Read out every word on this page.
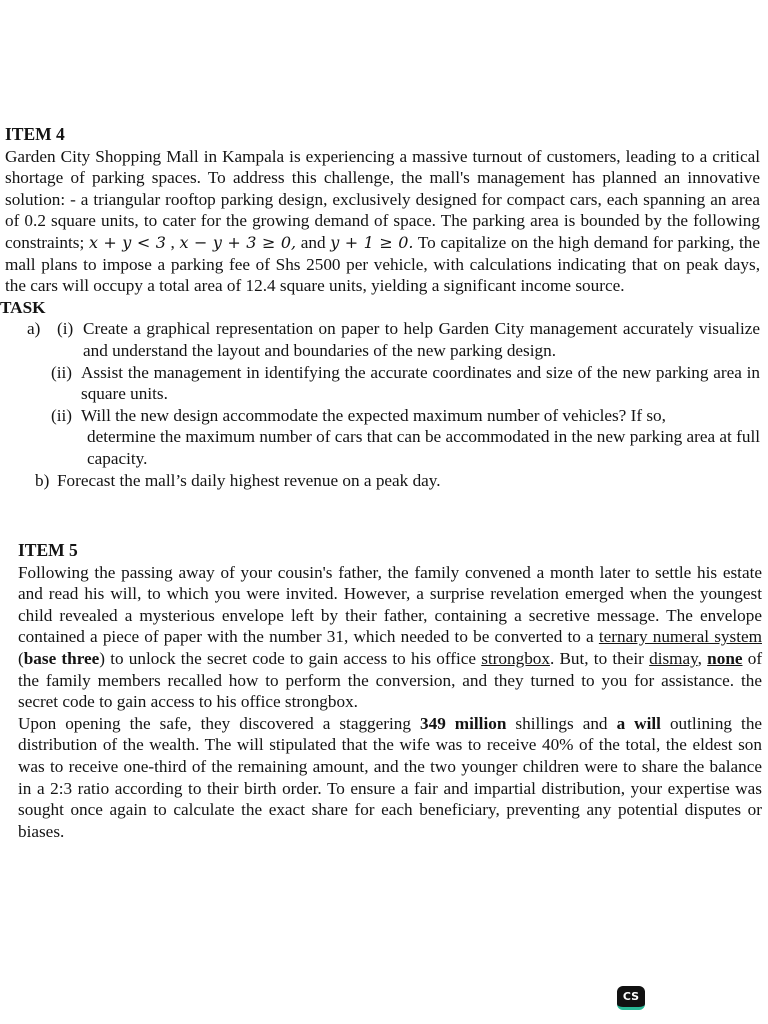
ITEM 4
Garden City Shopping Mall in Kampala is experiencing a massive turnout of customers, leading to a critical shortage of parking spaces. To address this challenge, the mall's management has planned an innovative solution: - a triangular rooftop parking design, exclusively designed for compact cars, each spanning an area of 0.2 square units, to cater for the growing demand of space. The parking area is bounded by the following constraints; x + y < 3 , x − y + 3 ≥ 0, and y + 1 ≥ 0. To capitalize on the high demand for parking, the mall plans to impose a parking fee of Shs 2500 per vehicle, with calculations indicating that on peak days, the cars will occupy a total area of 12.4 square units, yielding a significant income source.
TASK
a) (i) Create a graphical representation on paper to help Garden City management accurately visualize and understand the layout and boundaries of the new parking design.
(ii) Assist the management in identifying the accurate coordinates and size of the new parking area in square units.
(ii) Will the new design accommodate the expected maximum number of vehicles? If so,
determine the maximum number of cars that can be accommodated in the new parking area at full capacity.
b) Forecast the mall’s daily highest revenue on a peak day.
ITEM 5
Following the passing away of your cousin's father, the family convened a month later to settle his estate and read his will, to which you were invited. However, a surprise revelation emerged when the youngest child revealed a mysterious envelope left by their father, containing a secretive message. The envelope contained a piece of paper with the number 31, which needed to be converted to a ternary numeral system (base three) to unlock the secret code to gain access to his office strongbox. But, to their dismay, none of the family members recalled how to perform the conversion, and they turned to you for assistance. the secret code to gain access to his office strongbox.
Upon opening the safe, they discovered a staggering 349 million shillings and a will outlining the distribution of the wealth. The will stipulated that the wife was to receive 40% of the total, the eldest son was to receive one-third of the remaining amount, and the two younger children were to share the balance in a 2:3 ratio according to their birth order. To ensure a fair and impartial distribution, your expertise was sought once again to calculate the exact share for each beneficiary, preventing any potential disputes or biases.
CS
